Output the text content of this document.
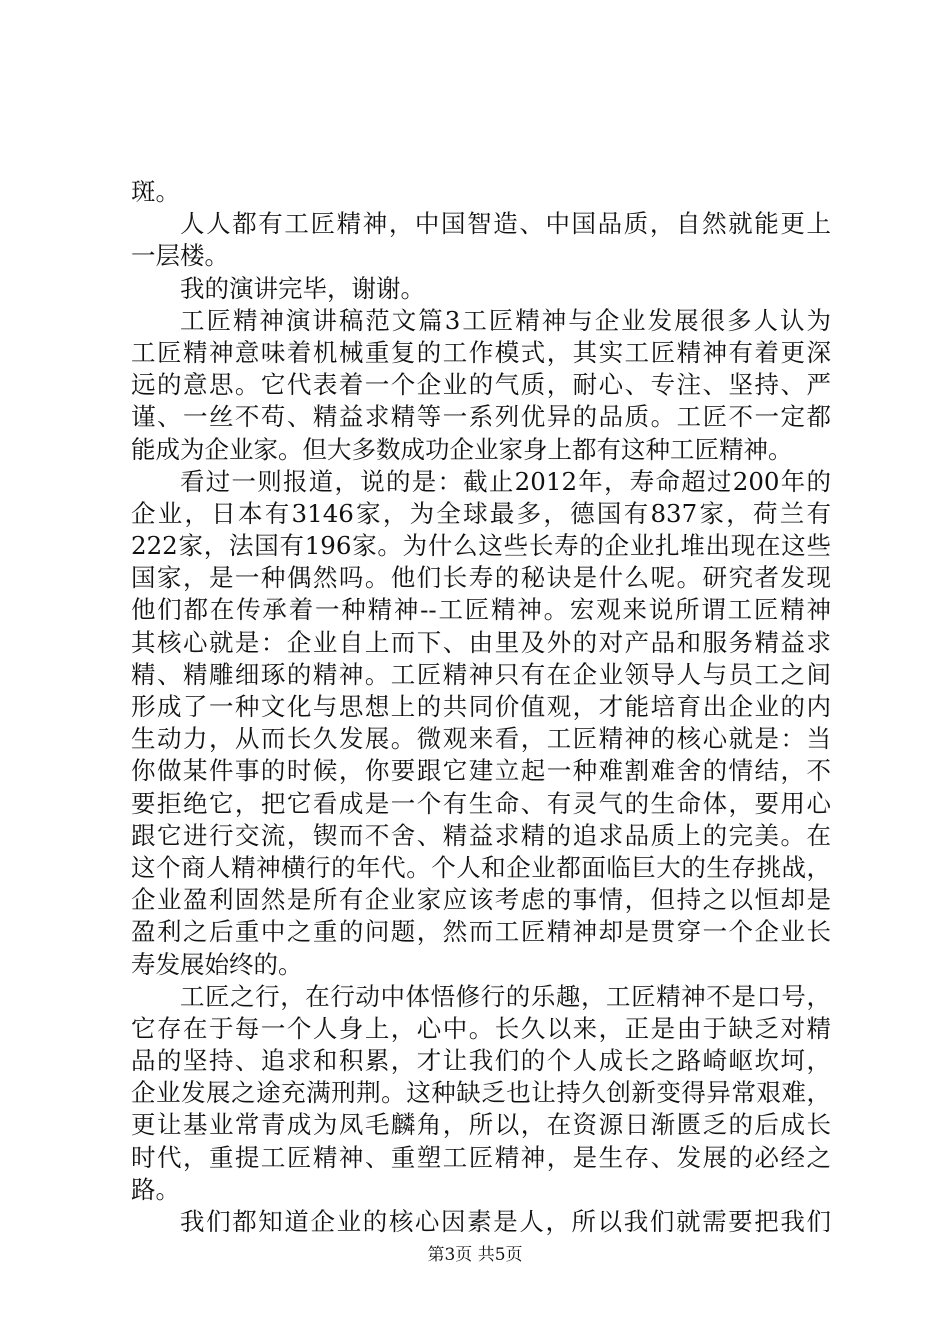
斑。
人人都有工匠精神，中国智造、中国品质，自然就能更上
一层楼。
我的演讲完毕，谢谢。
工匠精神演讲稿范文篇3工匠精神与企业发展很多人认为
工匠精神意味着机械重复的工作模式，其实工匠精神有着更深
远的意思。它代表着一个企业的气质，耐心、专注、坚持、严
谨、一丝不苟、精益求精等一系列优异的品质。工匠不一定都
能成为企业家。但大多数成功企业家身上都有这种工匠精神。
看过一则报道，说的是：截止2012年，寿命超过200年的
企业，日本有3146家，为全球最多，德国有837家，荷兰有
222家，法国有196家。为什么这些长寿的企业扎堆出现在这些
国家，是一种偶然吗。他们长寿的秘诀是什么呢。研究者发现
他们都在传承着一种精神--工匠精神。宏观来说所谓工匠精神
其核心就是：企业自上而下、由里及外的对产品和服务精益求
精、精雕细琢的精神。工匠精神只有在企业领导人与员工之间
形成了一种文化与思想上的共同价值观，才能培育出企业的内
生动力，从而长久发展。微观来看，工匠精神的核心就是：当
你做某件事的时候，你要跟它建立起一种难割难舍的情结，不
要拒绝它，把它看成是一个有生命、有灵气的生命体，要用心
跟它进行交流，锲而不舍、精益求精的追求品质上的完美。在
这个商人精神横行的年代。个人和企业都面临巨大的生存挑战，
企业盈利固然是所有企业家应该考虑的事情，但持之以恒却是
盈利之后重中之重的问题，然而工匠精神却是贯穿一个企业长
寿发展始终的。
工匠之行，在行动中体悟修行的乐趣，工匠精神不是口号，
它存在于每一个人身上，心中。长久以来，正是由于缺乏对精
品的坚持、追求和积累，才让我们的个人成长之路崎岖坎坷，
企业发展之途充满刑荆。这种缺乏也让持久创新变得异常艰难，
更让基业常青成为凤毛麟角，所以，在资源日渐匮乏的后成长
时代，重提工匠精神、重塑工匠精神，是生存、发展的必经之
路。
我们都知道企业的核心因素是人，所以我们就需要把我们
第3页 共5页
